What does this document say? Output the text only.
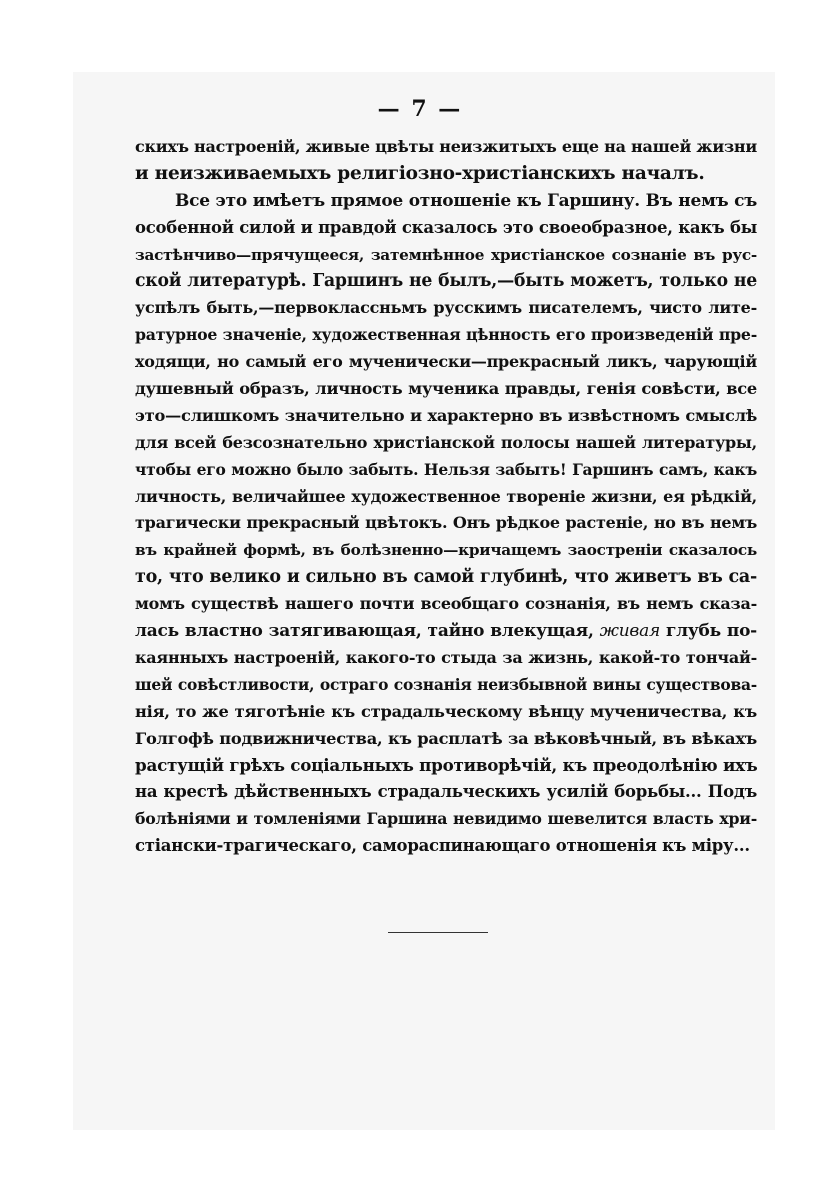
— 7 —

скихъ настроеній, живые цвѣты неизжитыхъ еще на нашей жизни
и неизживаемыхъ религіозно-христіанскихъ началъ.
Все это имѣетъ прямое отношеніе къ Гаршину. Въ немъ съ
особенной силой и правдой сказалось это своеобразное, какъ бы
застѣнчиво—прячущееся, затемнѣнное христіанское сознаніе въ рус-
ской литературѣ. Гаршинъ не былъ,—быть можетъ, только не
успѣлъ быть,—первоклассньмъ русскимъ писателемъ, чисто лите-
ратурное значеніе, художественная цѣнность его произведеній пре-
ходящи, но самый его мученически—прекрасный ликъ, чарующій
душевный образъ, личность мученика правды, генія совѣсти, все
это—слишкомъ значительно и характерно въ извѣстномъ смыслѣ
для всей безсознательно христіанской полосы нашей литературы,
чтобы его можно было забыть. Нельзя забыть! Гаршинъ самъ, какъ
личность, величайшее художественное твореніе жизни, ея рѣдкій,
трагически прекрасный цвѣтокъ. Онъ рѣдкое растеніе, но въ немъ
въ крайней формѣ, въ болѣзненно—кричащемъ заостреніи сказалось
то, что велико и сильно въ самой глубинѣ, что живетъ въ са-
момъ существѣ нашего почти всеобщаго сознанія, въ немъ сказа-
лась властно затягивающая, тайно влекущая, живая глубь по-
каянныхъ настроеній, какого-то стыда за жизнь, какой-то тончай-
шей совѣстливости, остраго сознанія неизбывной вины существова-
нія, то же тяготѣніе къ страдальческому вѣнцу мученичества, къ
Голгофѣ подвижничества, къ расплатѣ за вѣковѣчный, въ вѣкахъ
растущій грѣхъ соціальныхъ противорѣчій, къ преодолѣнію ихъ
на крестѣ дѣйственныхъ страдальческихъ усилій борьбы... Подъ
болѣніями и томленіями Гаршина невидимо шевелится власть хри-
стіански-трагическаго, самораспинающаго отношенія къ міру...
